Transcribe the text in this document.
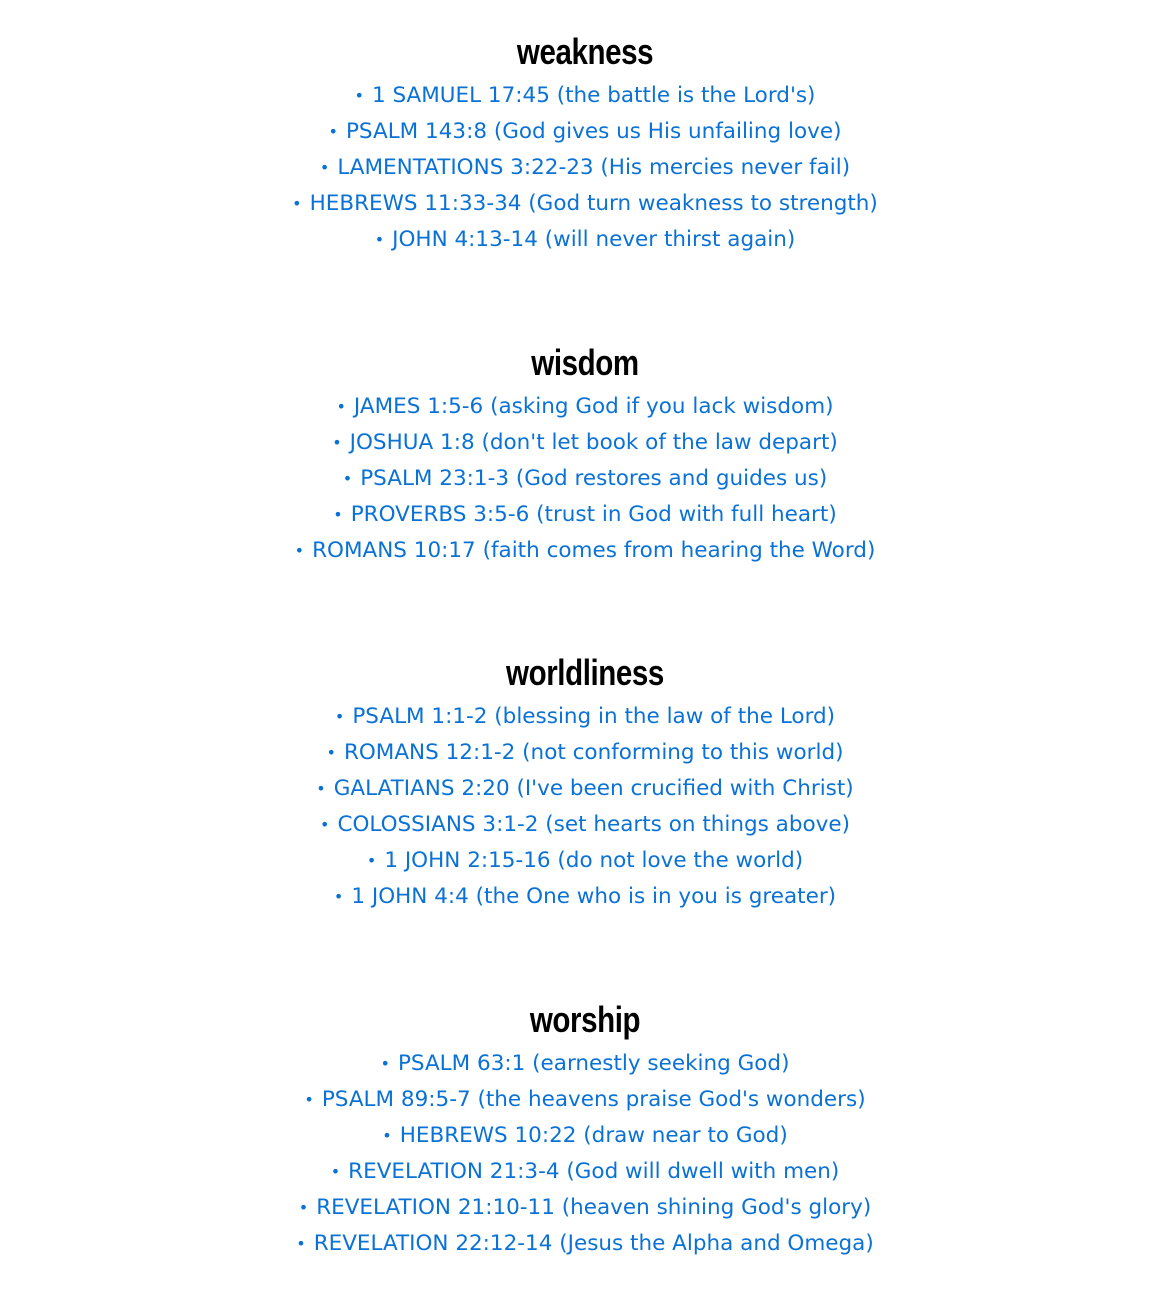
weakness
• 1 SAMUEL 17:45 (the battle is the Lord's)
• PSALM 143:8 (God gives us His unfailing love)
• LAMENTATIONS 3:22-23 (His mercies never fail)
• HEBREWS 11:33-34 (God turn weakness to strength)
• JOHN 4:13-14 (will never thirst again)
wisdom
• JAMES 1:5-6 (asking God if you lack wisdom)
• JOSHUA 1:8 (don't let book of the law depart)
• PSALM 23:1-3 (God restores and guides us)
• PROVERBS 3:5-6 (trust in God with full heart)
• ROMANS 10:17 (faith comes from hearing the Word)
worldliness
• PSALM 1:1-2 (blessing in the law of the Lord)
• ROMANS 12:1-2 (not conforming to this world)
• GALATIANS 2:20 (I've been crucified with Christ)
• COLOSSIANS 3:1-2 (set hearts on things above)
• 1 JOHN 2:15-16 (do not love the world)
• 1 JOHN 4:4 (the One who is in you is greater)
worship
• PSALM 63:1 (earnestly seeking God)
• PSALM 89:5-7 (the heavens praise God's wonders)
• HEBREWS 10:22 (draw near to God)
• REVELATION 21:3-4 (God will dwell with men)
• REVELATION 21:10-11 (heaven shining God's glory)
• REVELATION 22:12-14 (Jesus the Alpha and Omega)
